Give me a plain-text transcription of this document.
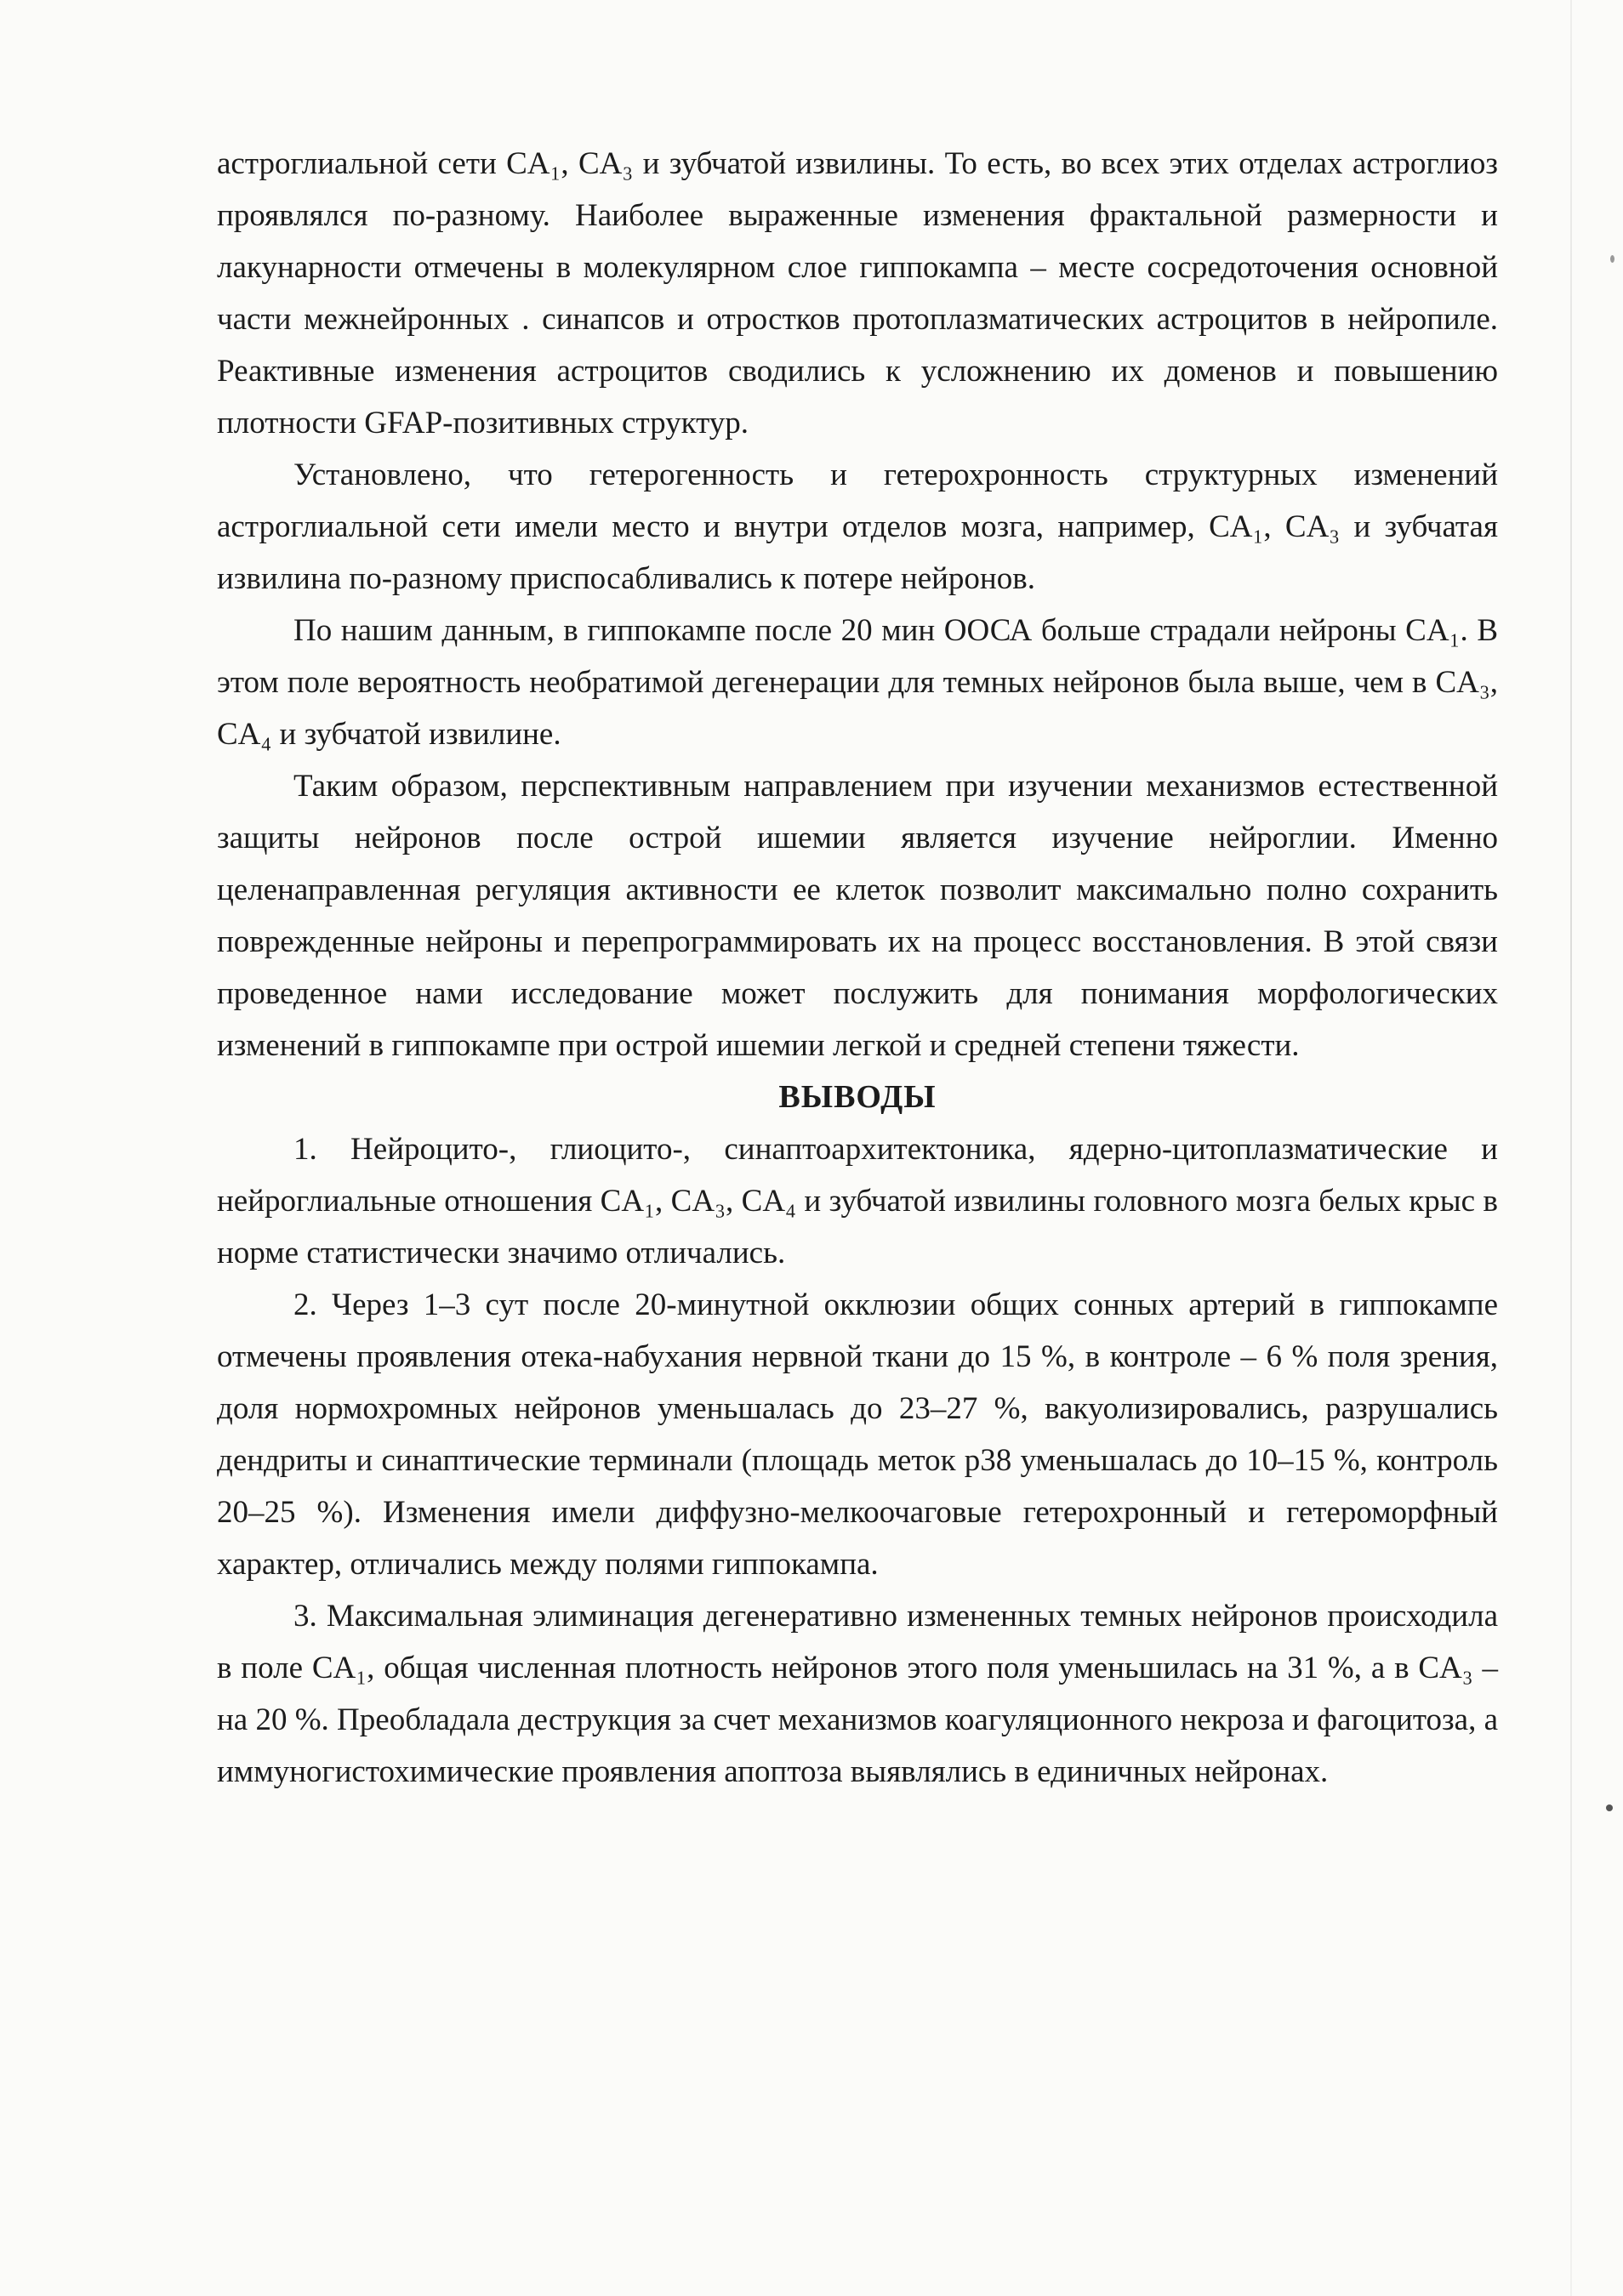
астроглиальной сети CA₁, CA₃ и зубчатой извилины. То есть, во всех этих отделах астроглиоз проявлялся по-разному. Наиболее выраженные изменения фрактальной размерности и лакунарности отмечены в молекулярном слое гиппокампа – месте сосредоточения основной части межнейронных . синапсов и отростков протоплазматических астроцитов в нейропиле. Реактивные изменения астроцитов сводились к усложнению их доменов и повышению плотности GFAP-позитивных структур.

Установлено, что гетерогенность и гетерохронность структурных изменений астроглиальной сети имели место и внутри отделов мозга, например, CA₁, CA₃ и зубчатая извилина по-разному приспосабливались к потере нейронов.

По нашим данным, в гиппокампе после 20 мин ООСА больше страдали нейроны CA₁. В этом поле вероятность необратимой дегенерации для темных нейронов была выше, чем в CA₃, CA₄ и зубчатой извилине.

Таким образом, перспективным направлением при изучении механизмов естественной защиты нейронов после острой ишемии является изучение нейроглии. Именно целенаправленная регуляция активности ее клеток позволит максимально полно сохранить поврежденные нейроны и перепрограммировать их на процесс восстановления. В этой связи проведенное нами исследование может послужить для понимания морфологических изменений в гиппокампе при острой ишемии легкой и средней степени тяжести.

ВЫВОДЫ

1. Нейроцито-, глиоцито-, синаптоархитектоника, ядерно-цитоплазматические и нейроглиальные отношения CA₁, CA₃, CA₄ и зубчатой извилины головного мозга белых крыс в норме статистически значимо отличались.

2. Через 1–3 сут после 20-минутной окклюзии общих сонных артерий в гиппокампе отмечены проявления отека-набухания нервной ткани до 15 %, в контроле – 6 % поля зрения, доля нормохромных нейронов уменьшалась до 23–27 %, вакуолизировались, разрушались дендриты и синаптические терминали (площадь меток p38 уменьшалась до 10–15 %, контроль 20–25 %). Изменения имели диффузно-мелкоочаговые гетерохронный и гетероморфный характер, отличались между полями гиппокампа.

3. Максимальная элиминация дегенеративно измененных темных нейронов происходила в поле CA₁, общая численная плотность нейронов этого поля уменьшилась на 31 %, а в CA₃ – на 20 %. Преобладала деструкция за счет механизмов коагуляционного некроза и фагоцитоза, а иммуногистохимические проявления апоптоза выявлялись в единичных нейронах.
